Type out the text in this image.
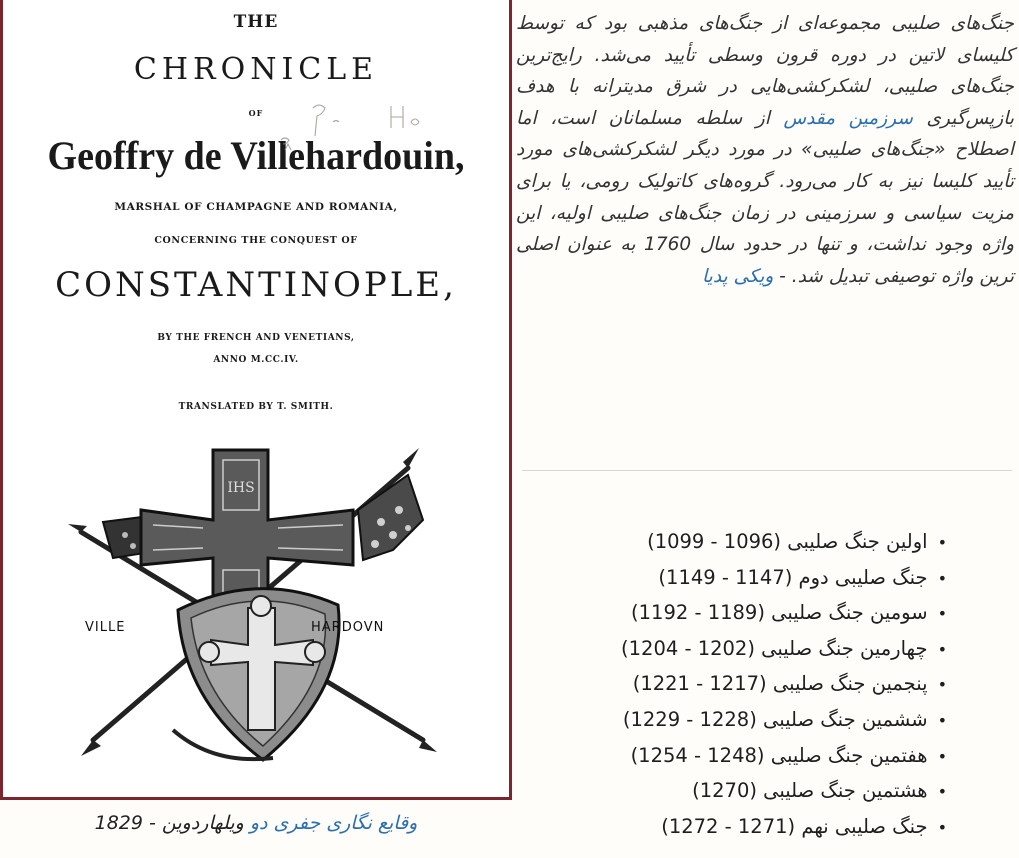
THE
CHRONICLE
OF
Geoffry de Villehardouin,
MARSHAL OF CHAMPAGNE AND ROMANIA,
CONCERNING THE CONQUEST OF
CONSTANTINOPLE,
BY THE FRENCH AND VENETIANS,
ANNO M.CC.IV.
TRANSLATED BY T. SMITH.
IHS
VILLE	HARDOVN
وقایع نگاری جفری دو ویلهاردوین - 1829
جنگ‌های صلیبی مجموعه‌ای از جنگ‌های مذهبی بود که توسط کلیسای لاتین در دوره قرون وسطی تأیید می‌شد. رایج‌ترین جنگ‌های صلیبی، لشکرکشی‌هایی در شرق مدیترانه با هدف بازپس‌گیری سرزمین مقدس از سلطه مسلمانان است، اما اصطلاح «جنگ‌های صلیبی» در مورد دیگر لشکرکشی‌های مورد تأیید کلیسا نیز به کار می‌رود. گروه‌های کاتولیک رومی، یا برای مزیت سیاسی و سرزمینی در زمان جنگ‌های صلیبی اولیه، این واژه وجود نداشت، و تنها در حدود سال 1760 به عنوان اصلی ترین واژه توصیفی تبدیل شد. - ویکی پدیا
•اولین جنگ صلیبی (1096 - 1099)
•جنگ صلیبی دوم (1147 - 1149)
•سومین جنگ صلیبی (1189 - 1192)
•چهارمین جنگ صلیبی (1202 - 1204)
•پنجمین جنگ صلیبی (1217 - 1221)
•ششمین جنگ صلیبی (1228 - 1229)
•هفتمین جنگ صلیبی (1248 - 1254)
•هشتمین جنگ صلیبی (1270)
•جنگ صلیبی نهم (1271 - 1272)
